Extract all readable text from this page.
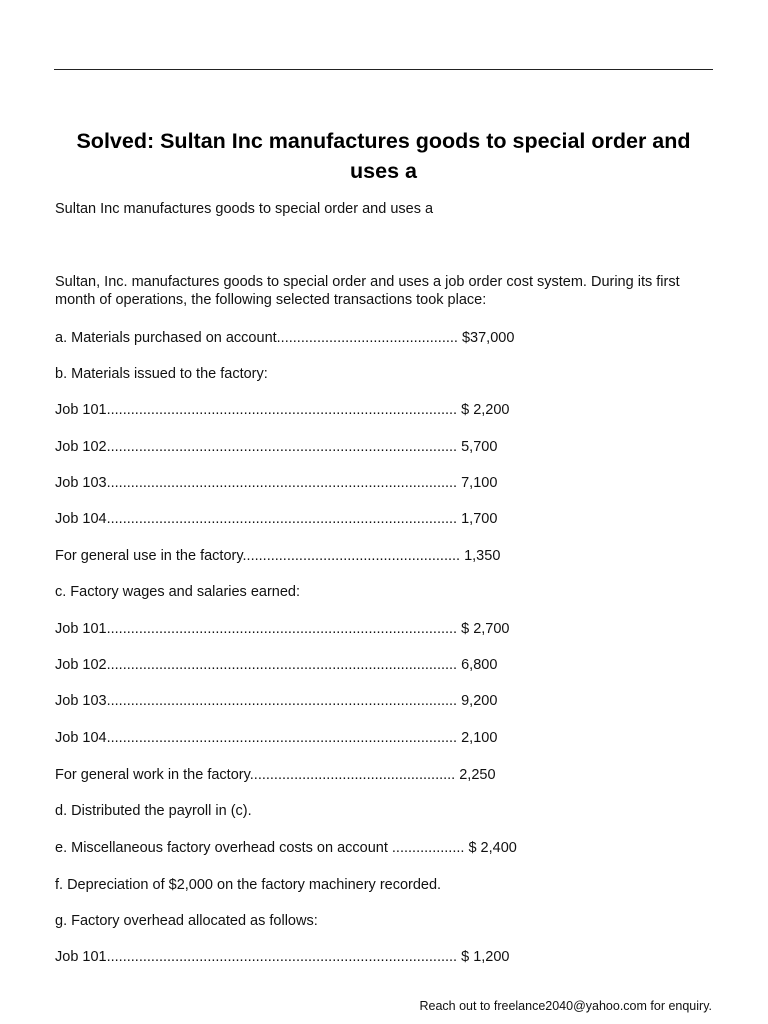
Solved: Sultan Inc manufactures goods to special order and uses a

Sultan Inc manufactures goods to special order and uses a

Sultan, Inc. manufactures goods to special order and uses a job order cost system. During its first month of operations, the following selected transactions took place:

a. Materials purchased on account............................................. $37,000

b. Materials issued to the factory:

Job 101....................................................................................... $ 2,200

Job 102....................................................................................... 5,700

Job 103....................................................................................... 7,100

Job 104....................................................................................... 1,700

For general use in the factory...................................................... 1,350

c. Factory wages and salaries earned:

Job 101....................................................................................... $ 2,700

Job 102....................................................................................... 6,800

Job 103....................................................................................... 9,200

Job 104....................................................................................... 2,100

For general work in the factory................................................... 2,250

d. Distributed the payroll in (c).

e. Miscellaneous factory overhead costs on account .................. $ 2,400

f. Depreciation of $2,000 on the factory machinery recorded.

g. Factory overhead allocated as follows:

Job 101....................................................................................... $ 1,200

Reach out to freelance2040@yahoo.com for enquiry.
